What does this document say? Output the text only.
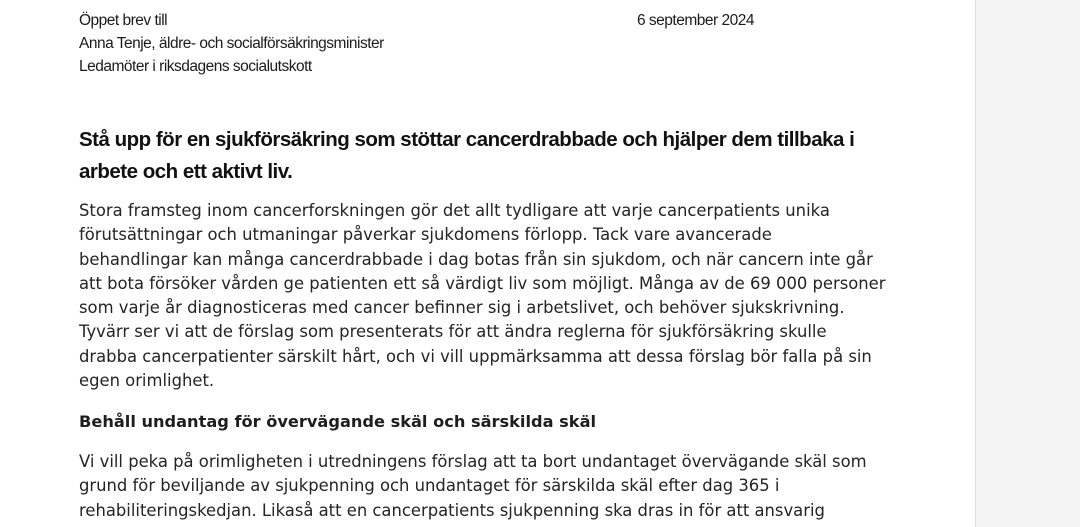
Öppet brev till
Anna Tenje, äldre- och socialförsäkringsminister
Ledamöter i riksdagens socialutskott
6 september 2024
Stå upp för en sjukförsäkring som stöttar cancerdrabbade och hjälper dem tillbaka i arbete och ett aktivt liv.

Stora framsteg inom cancerforskningen gör det allt tydligare att varje cancerpatients unika
förutsättningar och utmaningar påverkar sjukdomens förlopp. Tack vare avancerade
behandlingar kan många cancerdrabbade i dag botas från sin sjukdom, och när cancern inte går
att bota försöker vården ge patienten ett så värdigt liv som möjligt. Många av de 69 000 personer
som varje år diagnosticeras med cancer befinner sig i arbetslivet, och behöver sjukskrivning.
Tyvärr ser vi att de förslag som presenterats för att ändra reglerna för sjukförsäkring skulle
drabba cancerpatienter särskilt hårt, och vi vill uppmärksamma att dessa förslag bör falla på sin
egen orimlighet.

Behåll undantag för övervägande skäl och särskilda skäl

Vi vill peka på orimligheten i utredningens förslag att ta bort undantaget övervägande skäl som
grund för beviljande av sjukpenning och undantaget för särskilda skäl efter dag 365 i
rehabiliteringskedjan. Likaså att en cancerpatients sjukpenning ska dras in för att ansvarig
